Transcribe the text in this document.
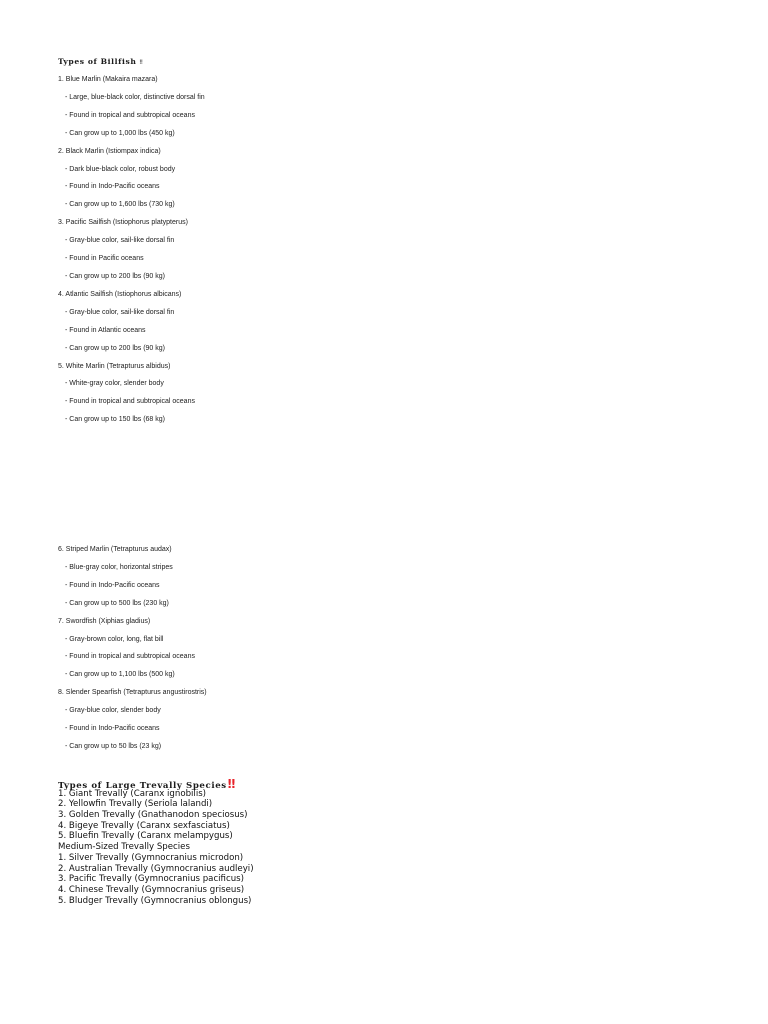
Types of Billfish ‼
1. Blue Marlin (Makaira mazara)
- Large, blue-black color, distinctive dorsal fin
- Found in tropical and subtropical oceans
- Can grow up to 1,000 lbs (450 kg)
2. Black Marlin (Istiompax indica)
- Dark blue-black color, robust body
- Found in Indo-Pacific oceans
- Can grow up to 1,600 lbs (730 kg)
3. Pacific Sailfish (Istiophorus platypterus)
- Gray-blue color, sail-like dorsal fin
- Found in Pacific oceans
- Can grow up to 200 lbs (90 kg)
4. Atlantic Sailfish (Istiophorus albicans)
- Gray-blue color, sail-like dorsal fin
- Found in Atlantic oceans
- Can grow up to 200 lbs (90 kg)
5. White Marlin (Tetrapturus albidus)
- White-gray color, slender body
- Found in tropical and subtropical oceans
- Can grow up to 150 lbs (68 kg)
6. Striped Marlin (Tetrapturus audax)
- Blue-gray color, horizontal stripes
- Found in Indo-Pacific oceans
- Can grow up to 500 lbs (230 kg)
7. Swordfish (Xiphias gladius)
- Gray-brown color, long, flat bill
- Found in tropical and subtropical oceans
- Can grow up to 1,100 lbs (500 kg)
8. Slender Spearfish (Tetrapturus angustirostris)
- Gray-blue color, slender body
- Found in Indo-Pacific oceans
- Can grow up to 50 lbs (23 kg)
Types of Large Trevally Species‼
1. Giant Trevally (Caranx ignobilis)
2. Yellowfin Trevally (Seriola lalandi)
3. Golden Trevally (Gnathanodon speciosus)
4. Bigeye Trevally (Caranx sexfasciatus)
5. Bluefin Trevally (Caranx melampygus)
Medium-Sized Trevally Species
1. Silver Trevally (Gymnocranius microdon)
2. Australian Trevally (Gymnocranius audleyi)
3. Pacific Trevally (Gymnocranius pacificus)
4. Chinese Trevally (Gymnocranius griseus)
5. Bludger Trevally (Gymnocranius oblongus)
